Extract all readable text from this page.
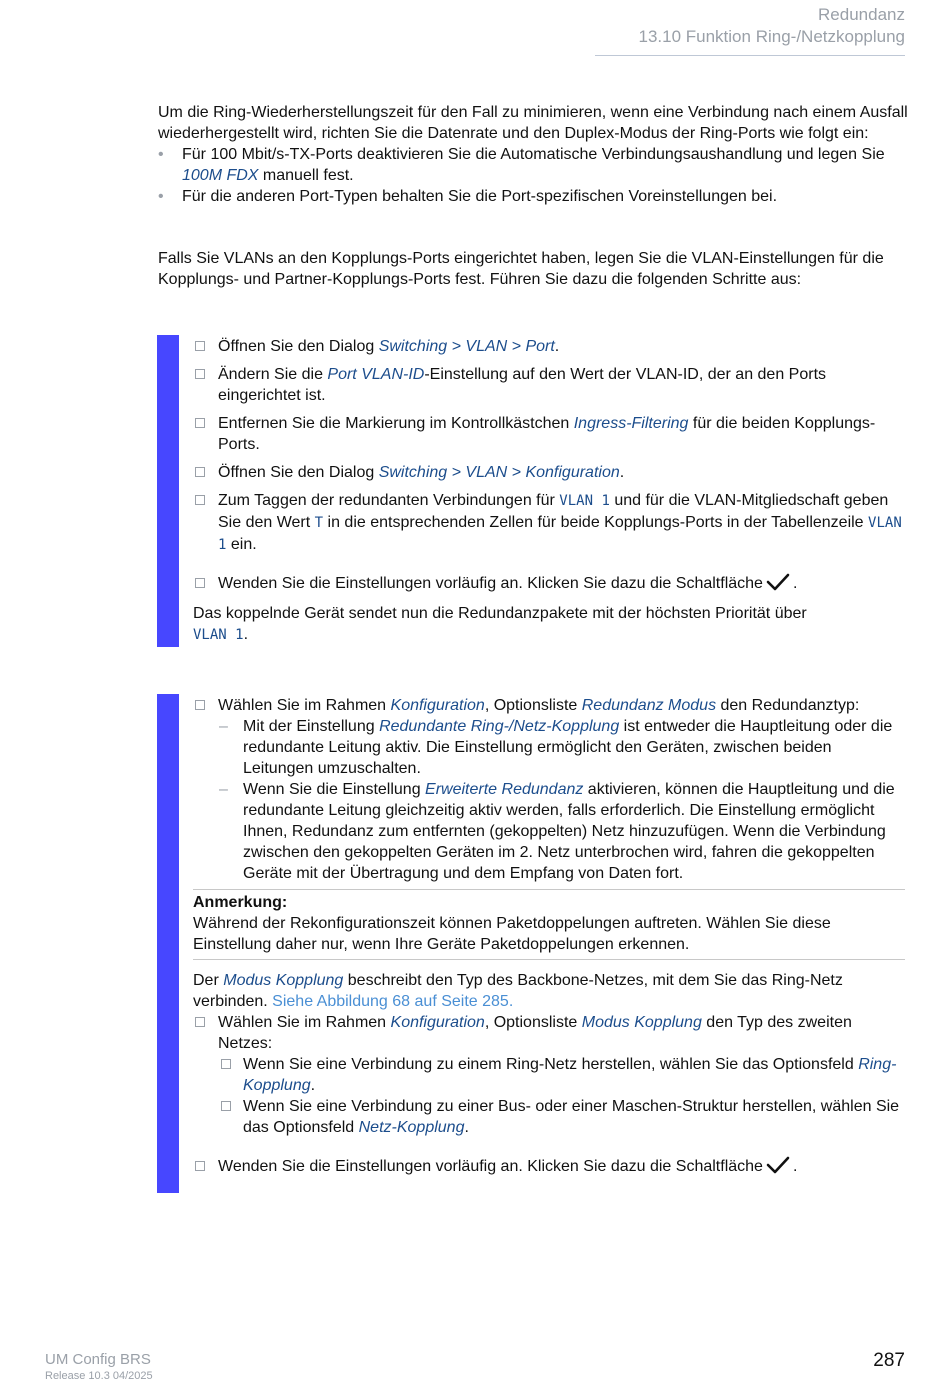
Redundanz
13.10 Funktion Ring-/Netzkopplung

Um die Ring-Wiederherstellungszeit für den Fall zu minimieren, wenn eine Verbindung nach einem Ausfall wiederhergestellt wird, richten Sie die Datenrate und den Duplex-Modus der Ring-Ports wie folgt ein:

• Für 100 Mbit/s-TX-Ports deaktivieren Sie die Automatische Verbindungsaushandlung und legen Sie 100M FDX manuell fest.
• Für die anderen Port-Typen behalten Sie die Port-spezifischen Voreinstellungen bei.

Falls Sie VLANs an den Kopplungs-Ports eingerichtet haben, legen Sie die VLAN-Einstellungen für die Kopplungs- und Partner-Kopplungs-Ports fest. Führen Sie dazu die folgenden Schritte aus:

Öffnen Sie den Dialog Switching > VLAN > Port.
Ändern Sie die Port VLAN-ID-Einstellung auf den Wert der VLAN-ID, der an den Ports eingerichtet ist.
Entfernen Sie die Markierung im Kontrollkästchen Ingress-Filtering für die beiden Kopplungs-Ports.
Öffnen Sie den Dialog Switching > VLAN > Konfiguration.
Zum Taggen der redundanten Verbindungen für VLAN 1 und für die VLAN-Mitgliedschaft geben Sie den Wert T in die entsprechenden Zellen für beide Kopplungs-Ports in der Tabellenzeile VLAN 1 ein.
Wenden Sie die Einstellungen vorläufig an. Klicken Sie dazu die Schaltfläche .

Das koppelnde Gerät sendet nun die Redundanzpakete mit der höchsten Priorität über
VLAN 1.

Wählen Sie im Rahmen Konfiguration, Optionsliste Redundanz Modus den Redundanztyp:
– Mit der Einstellung Redundante Ring-/Netz-Kopplung ist entweder die Hauptleitung oder die redundante Leitung aktiv. Die Einstellung ermöglicht den Geräten, zwischen beiden Leitungen umzuschalten.
– Wenn Sie die Einstellung Erweiterte Redundanz aktivieren, können die Hauptleitung und die redundante Leitung gleichzeitig aktiv werden, falls erforderlich. Die Einstellung ermöglicht Ihnen, Redundanz zum entfernten (gekoppelten) Netz hinzuzufügen. Wenn die Verbindung zwischen den gekoppelten Geräten im 2. Netz unterbrochen wird, fahren die gekoppelten Geräte mit der Übertragung und dem Empfang von Daten fort.
Anmerkung:
Während der Rekonfigurationszeit können Paketdoppelungen auftreten. Wählen Sie diese Einstellung daher nur, wenn Ihre Geräte Paketdoppelungen erkennen.

Der Modus Kopplung beschreibt den Typ des Backbone-Netzes, mit dem Sie das Ring-Netz verbinden. Siehe Abbildung 68 auf Seite 285.

Wählen Sie im Rahmen Konfiguration, Optionsliste Modus Kopplung den Typ des zweiten Netzes:
Wenn Sie eine Verbindung zu einem Ring-Netz herstellen, wählen Sie das Optionsfeld Ring-Kopplung.
Wenn Sie eine Verbindung zu einer Bus- oder einer Maschen-Struktur herstellen, wählen Sie das Optionsfeld Netz-Kopplung.
Wenden Sie die Einstellungen vorläufig an. Klicken Sie dazu die Schaltfläche .
UM Config BRS
Release 10.3 04/2025
287
